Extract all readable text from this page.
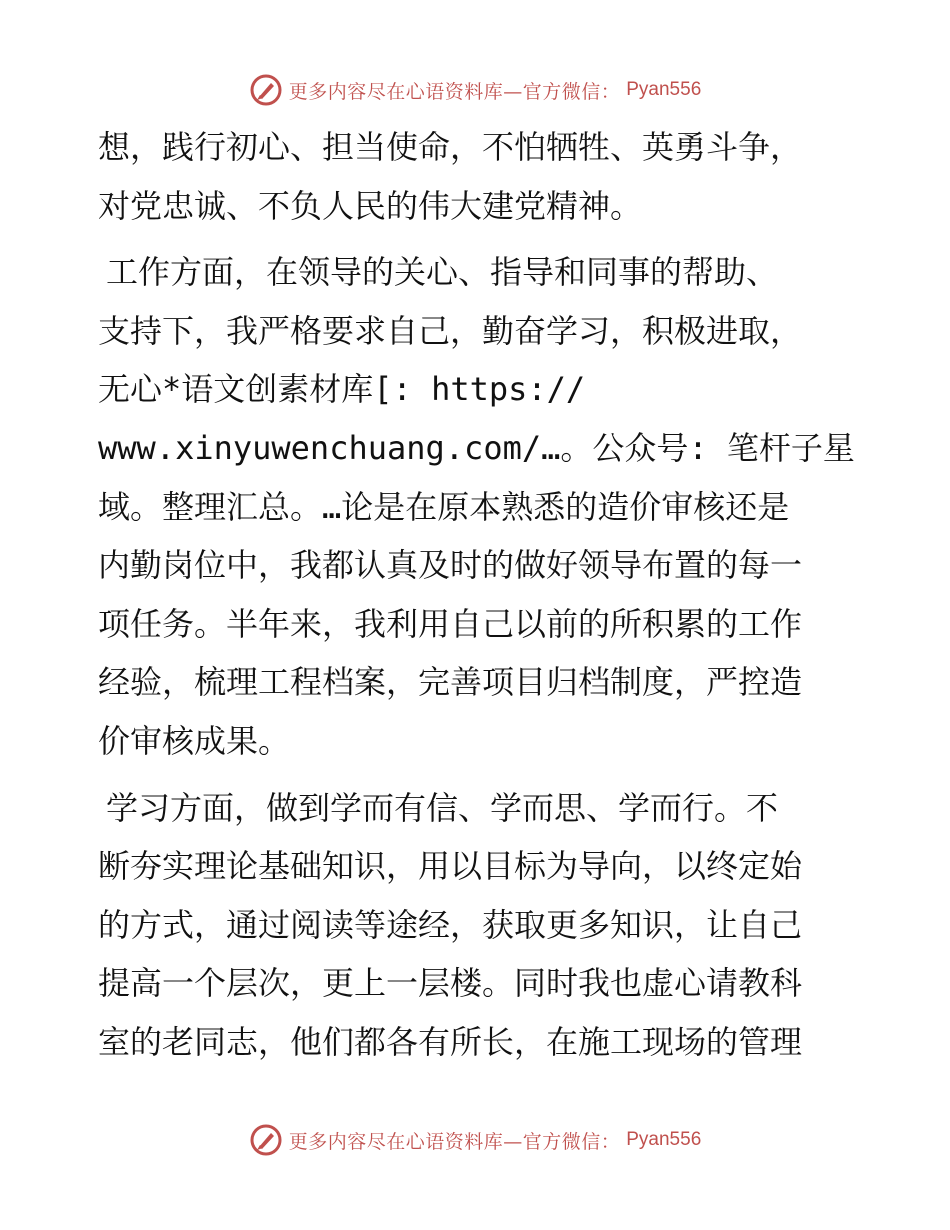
更多内容尽在心语资料库—官方微信： Pyan556

想，践行初心、担当使命，不怕牺牲、英勇斗争，
对党忠诚、不负人民的伟大建党精神。

工作方面，在领导的关心、指导和同事的帮助、
支持下，我严格要求自己，勤奋学习，积极进取，
无心*语文创素材库[: https://
www.xinyuwenchuang.com/…。公众号: 笔杆子星
域。整理汇总。…论是在原本熟悉的造价审核还是
内勤岗位中，我都认真及时的做好领导布置的每一
项任务。半年来，我利用自己以前的所积累的工作
经验，梳理工程档案，完善项目归档制度，严控造
价审核成果。

学习方面，做到学而有信、学而思、学而行。不
断夯实理论基础知识，用以目标为导向，以终定始
的方式，通过阅读等途经，获取更多知识，让自己
提高一个层次，更上一层楼。同时我也虚心请教科
室的老同志，他们都各有所长，在施工现场的管理

更多内容尽在心语资料库—官方微信： Pyan556
